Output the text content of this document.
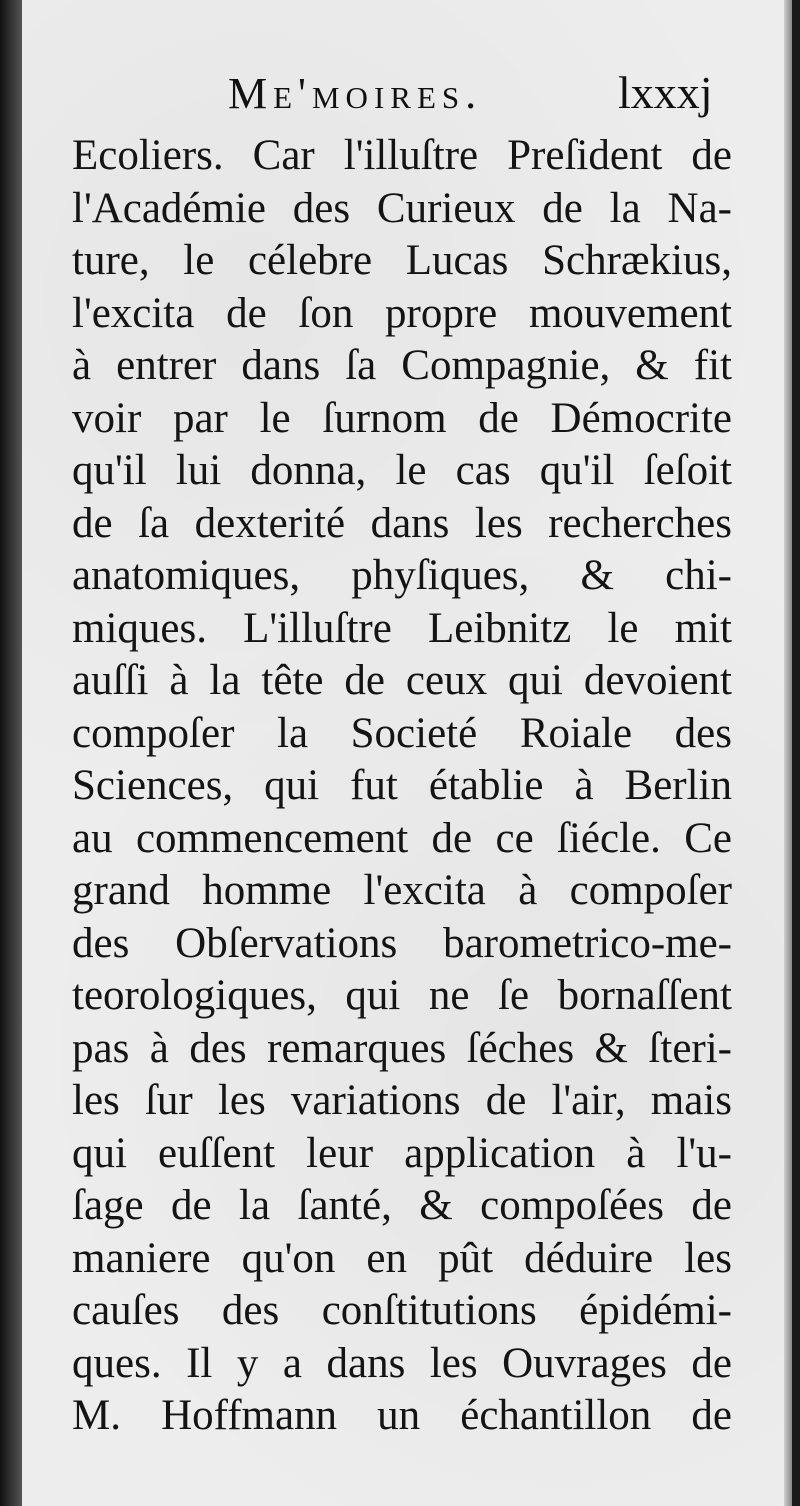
Me'moires.	lxxxj
Ecoliers. Car l'illuſtre Preſident de
l'Académie des Curieux de la Na-
ture, le célebre Lucas Schrækius,
l'excita de ſon propre mouvement
à entrer dans ſa Compagnie, & fit
voir par le ſurnom de Démocrite
qu'il lui donna, le cas qu'il ſeſoit
de ſa dexterité dans les recherches
anatomiques, phyſiques, & chi-
miques. L'illuſtre Leibnitz le mit
auſſi à la tête de ceux qui devoient
compoſer la Societé Roiale des
Sciences, qui fut établie à Berlin
au commencement de ce ſiécle. Ce
grand homme l'excita à compoſer
des Obſervations barometrico-me-
teorologiques, qui ne ſe bornaſſent
pas à des remarques ſéches & ſteri-
les ſur les variations de l'air, mais
qui euſſent leur application à l'u-
ſage de la ſanté, & compoſées de
maniere qu'on en pût déduire les
cauſes des conſtitutions épidémi-
ques. Il y a dans les Ouvrages de
M. Hoffmann un échantillon de
